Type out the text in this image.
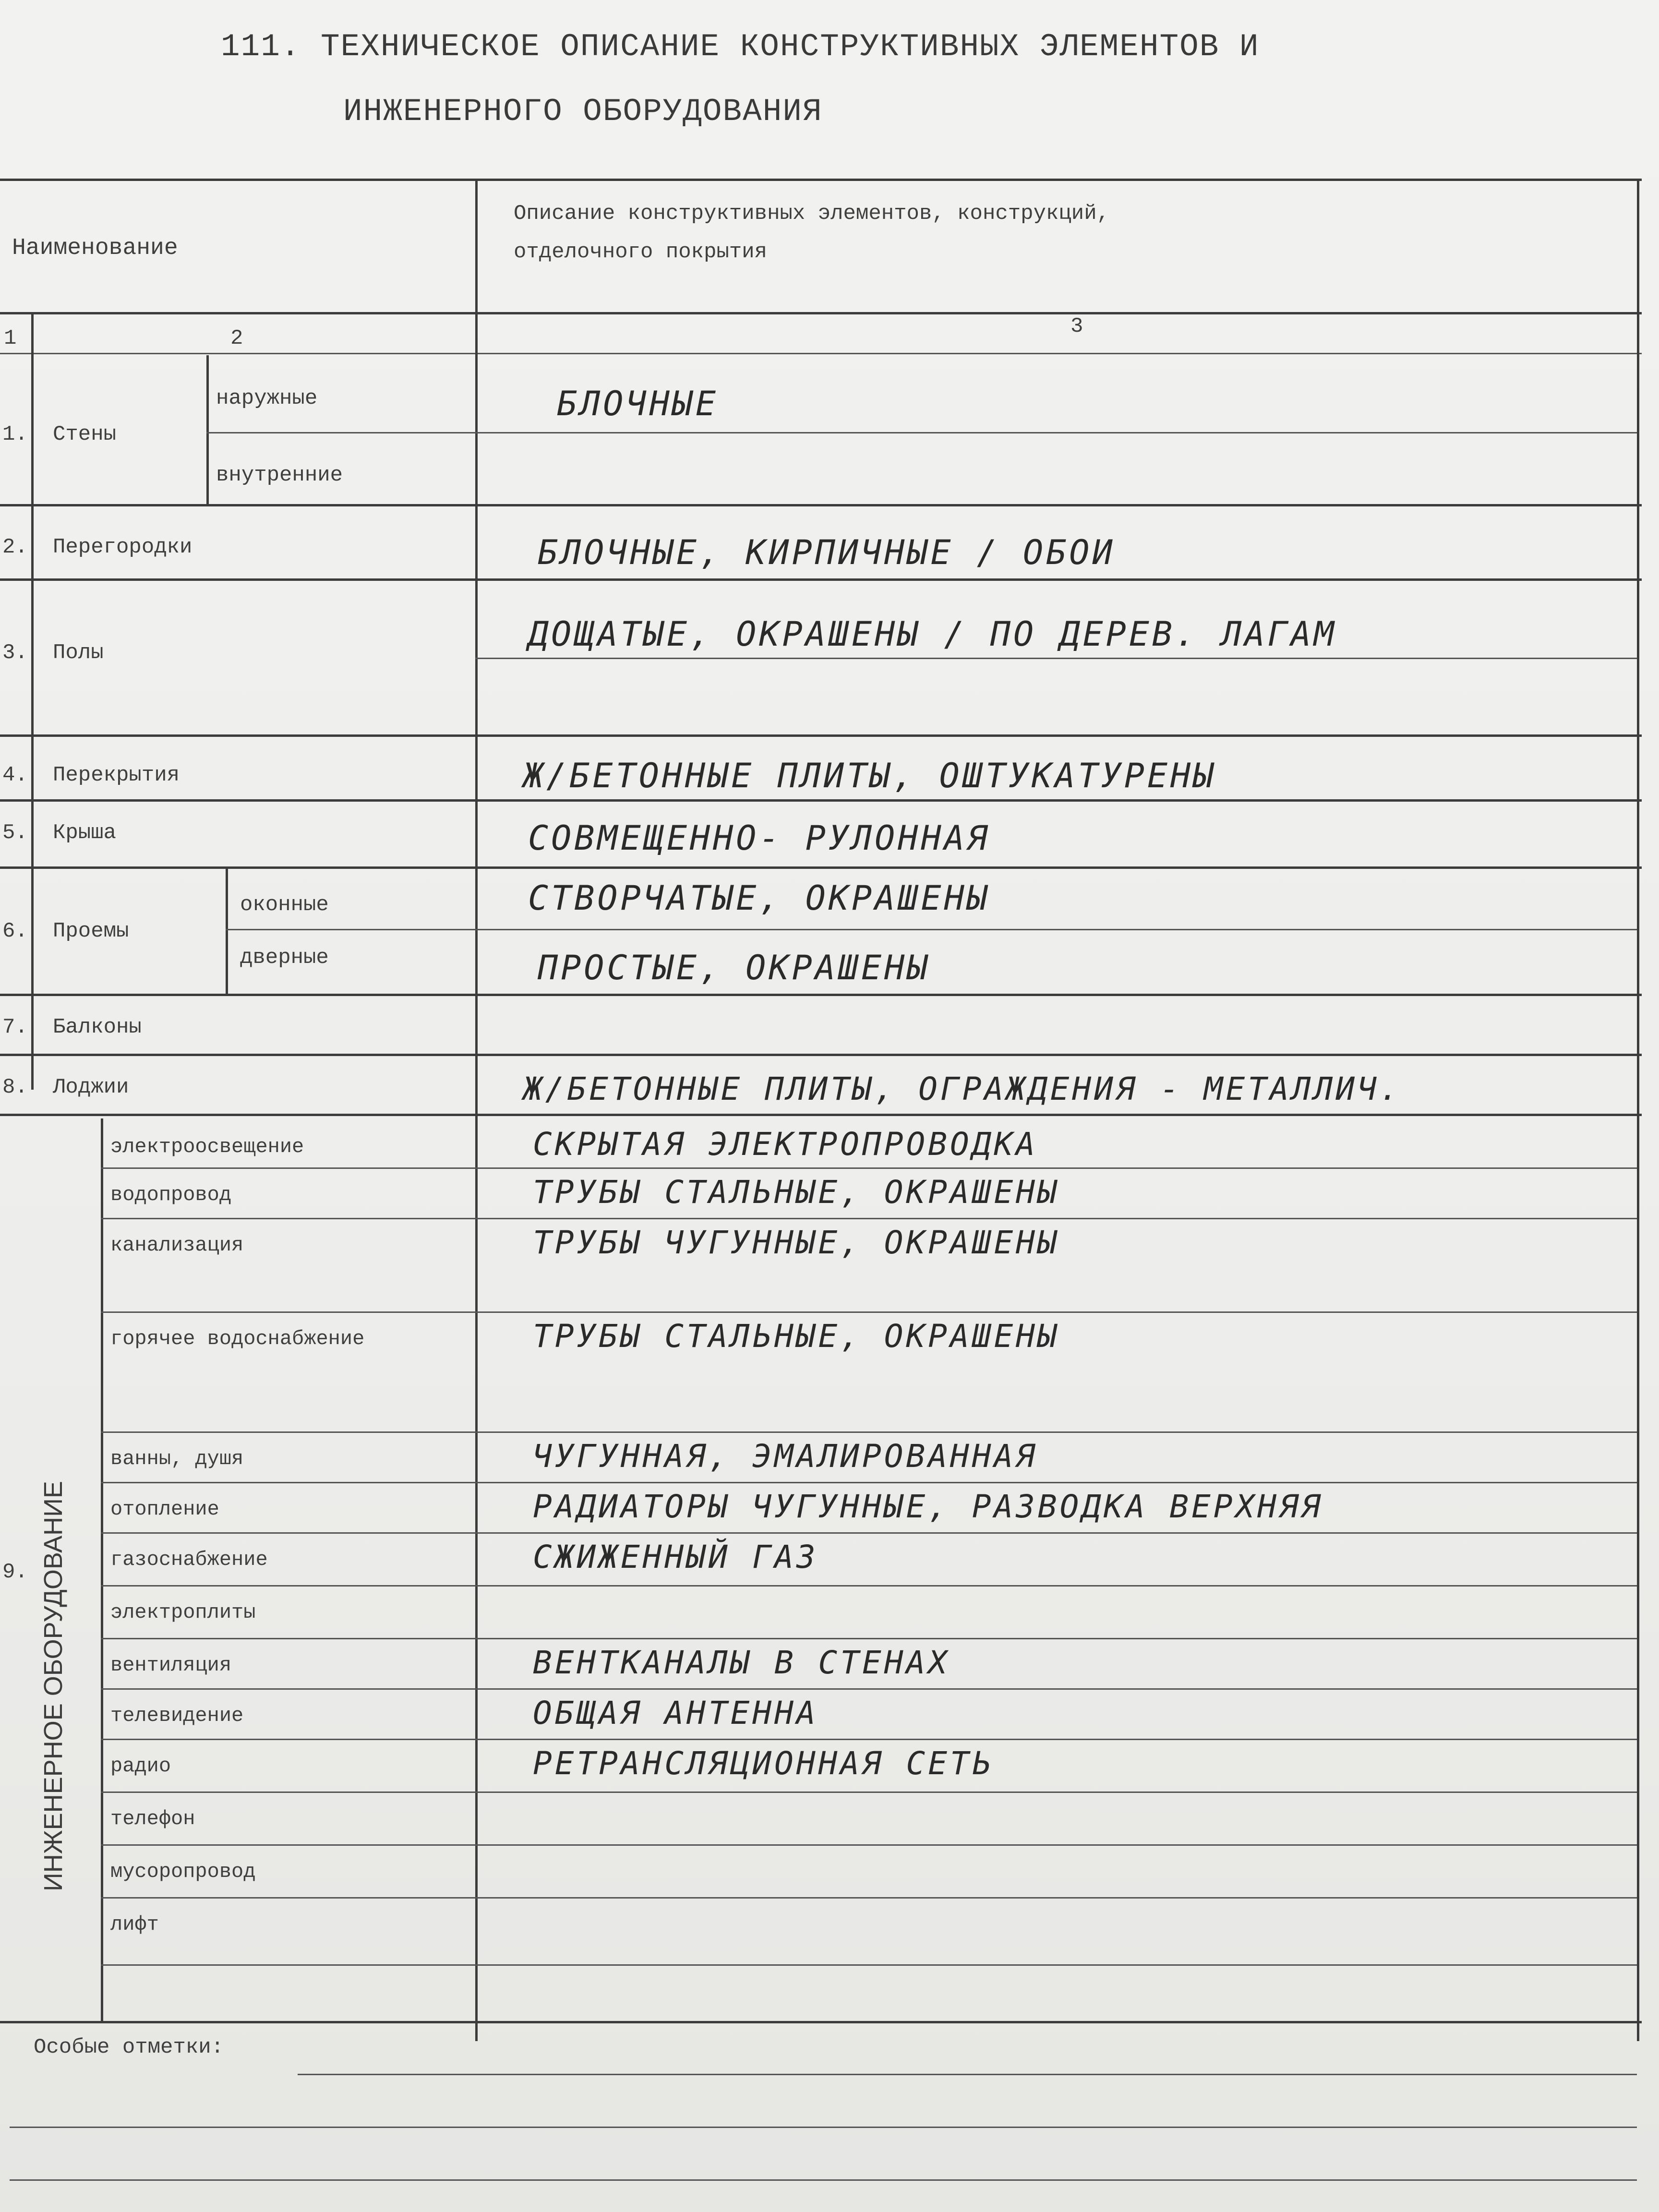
111. ТЕХНИЧЕСКОЕ ОПИСАНИЕ КОНСТРУКТИВНЫХ ЭЛЕМЕНТОВ И
ИНЖЕНЕРНОГО ОБОРУДОВАНИЯ
Наименование
Описание конструктивных элементов, конструкций,
отделочного покрытия
1	2	3
1. Стены
наружные	БЛОЧНЫЕ
внутренние
2. Перегородки	БЛОЧНЫЕ, КИРПИЧНЫЕ / ОБОИ
3. Полы	ДОЩАТЫЕ, ОКРАШЕНЫ / ПО ДЕРЕВ. ЛАГАМ
4. Перекрытия	Ж/БЕТОННЫЕ ПЛИТЫ, ОШТУКАТУРЕНЫ
5. Крыша	СОВМЕЩЕННО- РУЛОННАЯ
6. Проемы
оконные	СТВОРЧАТЫЕ, ОКРАШЕНЫ
дверные	ПРОСТЫЕ, ОКРАШЕНЫ
7. Балконы
8. Лоджии	Ж/БЕТОННЫЕ ПЛИТЫ, ОГРАЖДЕНИЯ - МЕТАЛЛИЧ.
ИНЖЕНЕРНОЕ ОБОРУДОВАНИЕ
9.
электроосвещение	СКРЫТАЯ ЭЛЕКТРОПРОВОДКА
водопровод	ТРУБЫ СТАЛЬНЫЕ, ОКРАШЕНЫ
канализация	ТРУБЫ ЧУГУННЫЕ, ОКРАШЕНЫ
горячее водоснабжение	ТРУБЫ СТАЛЬНЫЕ, ОКРАШЕНЫ
ванны, душя	ЧУГУННАЯ, ЭМАЛИРОВАННАЯ
отопление	РАДИАТОРЫ ЧУГУННЫЕ, РАЗВОДКА ВЕРХНЯЯ
газоснабжение	СЖИЖЕННЫЙ ГАЗ
электроплиты
вентиляция	ВЕНТКАНАЛЫ В СТЕНАХ
телевидение	ОБЩАЯ АНТЕННА
радио	РЕТРАНСЛЯЦИОННАЯ СЕТЬ
телефон
мусоропровод
лифт
Особые отметки:
